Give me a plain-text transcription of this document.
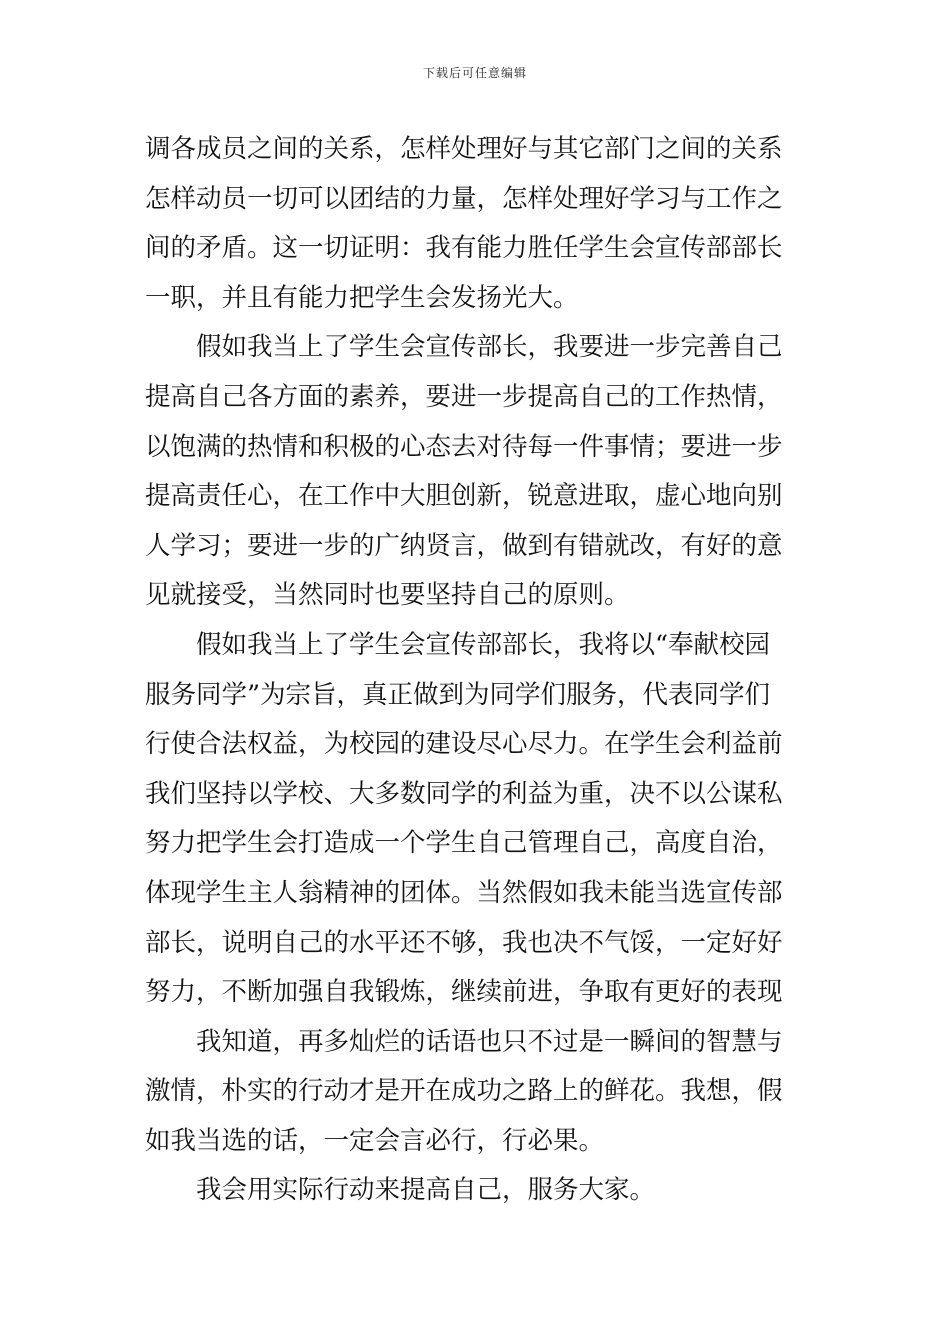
下载后可任意编辑
调各成员之间的关系，怎样处理好与其它部门之间的关系
怎样动员一切可以团结的力量，怎样处理好学习与工作之
间的矛盾。这一切证明：我有能力胜任学生会宣传部部长
一职，并且有能力把学生会发扬光大。
假如我当上了学生会宣传部长，我要进一步完善自己
提高自己各方面的素养，要进一步提高自己的工作热情，
以饱满的热情和积极的心态去对待每一件事情；要进一步
提高责任心，在工作中大胆创新，锐意进取，虚心地向别
人学习；要进一步的广纳贤言，做到有错就改，有好的意
见就接受，当然同时也要坚持自己的原则。
假如我当上了学生会宣传部部长，我将以“奉献校园
服务同学”为宗旨，真正做到为同学们服务，代表同学们
行使合法权益，为校园的建设尽心尽力。在学生会利益前
我们坚持以学校、大多数同学的利益为重，决不以公谋私
努力把学生会打造成一个学生自己管理自己，高度自治，
体现学生主人翁精神的团体。当然假如我未能当选宣传部
部长，说明自己的水平还不够，我也决不气馁，一定好好
努力，不断加强自我锻炼，继续前进，争取有更好的表现
我知道，再多灿烂的话语也只不过是一瞬间的智慧与
激情，朴实的行动才是开在成功之路上的鲜花。我想，假
如我当选的话，一定会言必行，行必果。
我会用实际行动来提高自己，服务大家。
